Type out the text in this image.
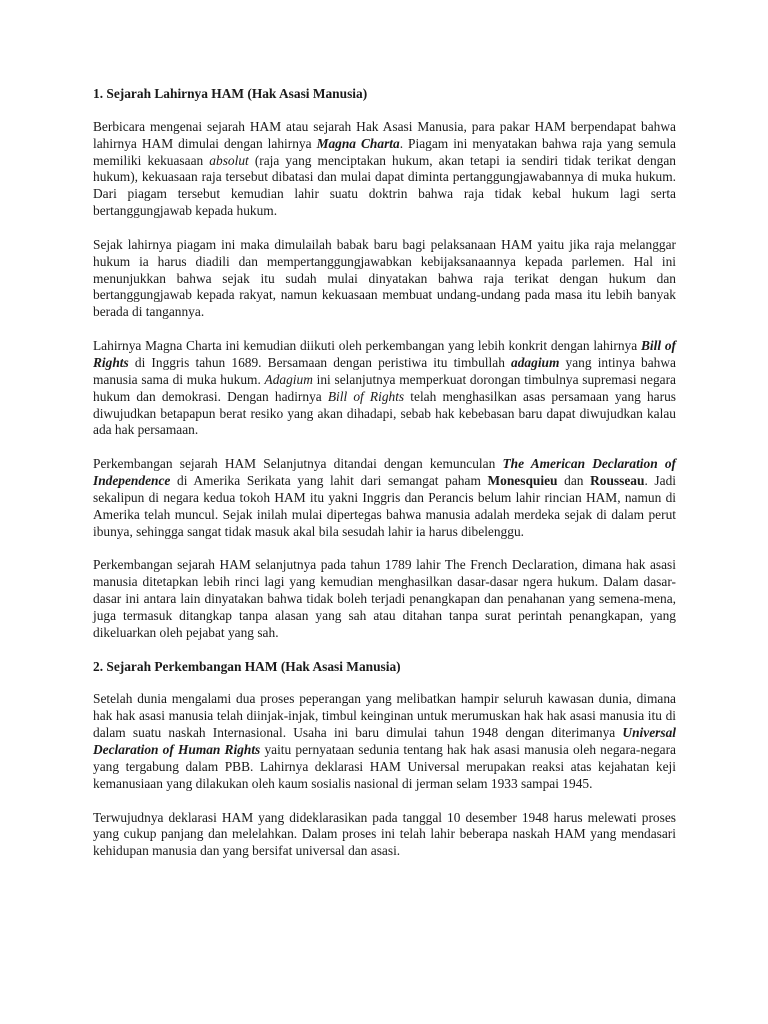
1. Sejarah Lahirnya HAM (Hak Asasi Manusia)

Berbicara mengenai sejarah HAM atau sejarah Hak Asasi Manusia, para pakar HAM berpendapat bahwa lahirnya HAM dimulai dengan lahirnya Magna Charta. Piagam ini menyatakan bahwa raja yang semula memiliki kekuasaan absolut (raja yang menciptakan hukum, akan tetapi ia sendiri tidak terikat dengan hukum), kekuasaan raja tersebut dibatasi dan mulai dapat diminta pertanggungjawabannya di muka hukum. Dari piagam tersebut kemudian lahir suatu doktrin bahwa raja tidak kebal hukum lagi serta bertanggungjawab kepada hukum.

Sejak lahirnya piagam ini maka dimulailah babak baru bagi pelaksanaan HAM yaitu jika raja melanggar hukum ia harus diadili dan mempertanggungjawabkan kebijaksanaannya kepada parlemen. Hal ini menunjukkan bahwa sejak itu sudah mulai dinyatakan bahwa raja terikat dengan hukum dan bertanggungjawab kepada rakyat, namun kekuasaan membuat undang-undang pada masa itu lebih banyak berada di tangannya.

Lahirnya Magna Charta ini kemudian diikuti oleh perkembangan yang lebih konkrit dengan lahirnya Bill of Rights di Inggris tahun 1689. Bersamaan dengan peristiwa itu timbullah adagium yang intinya bahwa manusia sama di muka hukum. Adagium ini selanjutnya memperkuat dorongan timbulnya supremasi negara hukum dan demokrasi. Dengan hadirnya Bill of Rights telah menghasilkan asas persamaan yang harus diwujudkan betapapun berat resiko yang akan dihadapi, sebab hak kebebasan baru dapat diwujudkan kalau ada hak persamaan.

Perkembangan sejarah HAM Selanjutnya ditandai dengan kemunculan The American Declaration of Independence di Amerika Serikata yang lahit dari semangat paham Monesquieu dan Rousseau. Jadi sekalipun di negara kedua tokoh HAM itu yakni Inggris dan Perancis belum lahir rincian HAM, namun di Amerika telah muncul. Sejak inilah mulai dipertegas bahwa manusia adalah merdeka sejak di dalam perut ibunya, sehingga sangat tidak masuk akal bila sesudah lahir ia harus dibelenggu.

Perkembangan sejarah HAM selanjutnya pada tahun 1789 lahir The French Declaration, dimana hak asasi manusia ditetapkan lebih rinci lagi yang kemudian menghasilkan dasar-dasar ngera hukum. Dalam dasar-dasar ini antara lain dinyatakan bahwa tidak boleh terjadi penangkapan dan penahanan yang semena-mena, juga termasuk ditangkap tanpa alasan yang sah atau ditahan tanpa surat perintah penangkapan, yang dikeluarkan oleh pejabat yang sah.

2. Sejarah Perkembangan HAM (Hak Asasi Manusia)

Setelah dunia mengalami dua proses peperangan yang melibatkan hampir seluruh kawasan dunia, dimana hak hak asasi manusia telah diinjak-injak, timbul keinginan untuk merumuskan hak hak asasi manusia itu di dalam suatu naskah Internasional. Usaha ini baru dimulai tahun 1948 dengan diterimanya Universal Declaration of Human Rights yaitu pernyataan sedunia tentang hak hak asasi manusia oleh negara-negara yang tergabung dalam PBB. Lahirnya deklarasi HAM Universal merupakan reaksi atas kejahatan keji kemanusiaan yang dilakukan oleh kaum sosialis nasional di jerman selam 1933 sampai 1945.

Terwujudnya deklarasi HAM yang dideklarasikan pada tanggal 10 desember 1948 harus melewati proses yang cukup panjang dan melelahkan. Dalam proses ini telah lahir beberapa naskah HAM yang mendasari kehidupan manusia dan yang bersifat universal dan asasi.
